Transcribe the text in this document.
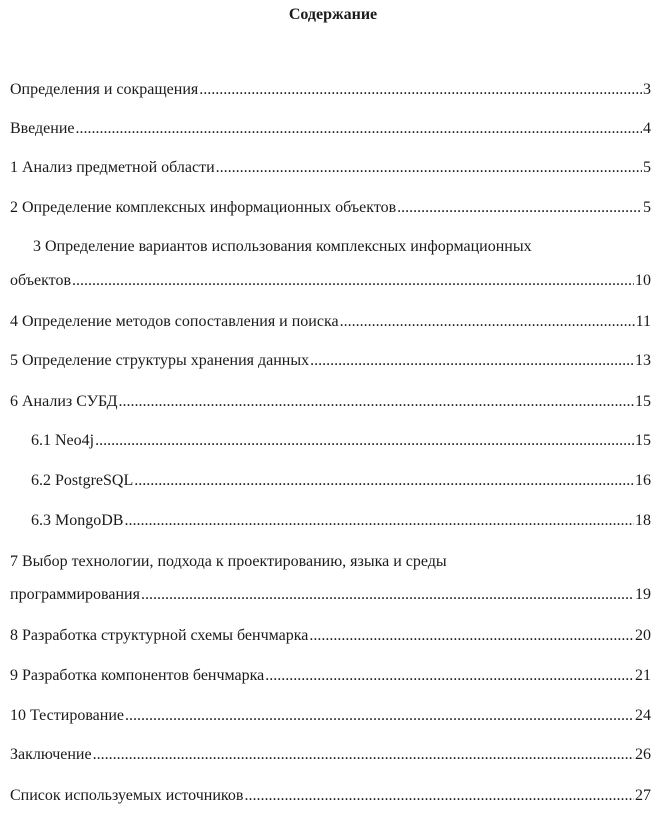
Содержание
Определения и сокращения .....	3
Введение .....	4
1 Анализ предметной области .....	5
2 Определение комплексных информационных объектов .....	5
3 Определение вариантов использования комплексных информационных
объектов .....	10
4 Определение методов сопоставления и поиска .....	11
5 Определение структуры хранения данных .....	13
6 Анализ СУБД .....	15
6.1 Neo4j .....	15
6.2 PostgreSQL .....	16
6.3 MongoDB .....	18
7 Выбор технологии, подхода к проектированию, языка и среды
программирования .....	19
8 Разработка структурной схемы бенчмарка .....	20
9 Разработка компонентов бенчмарка .....	21
10 Тестирование .....	24
Заключение .....	26
Список используемых источников .....	27
